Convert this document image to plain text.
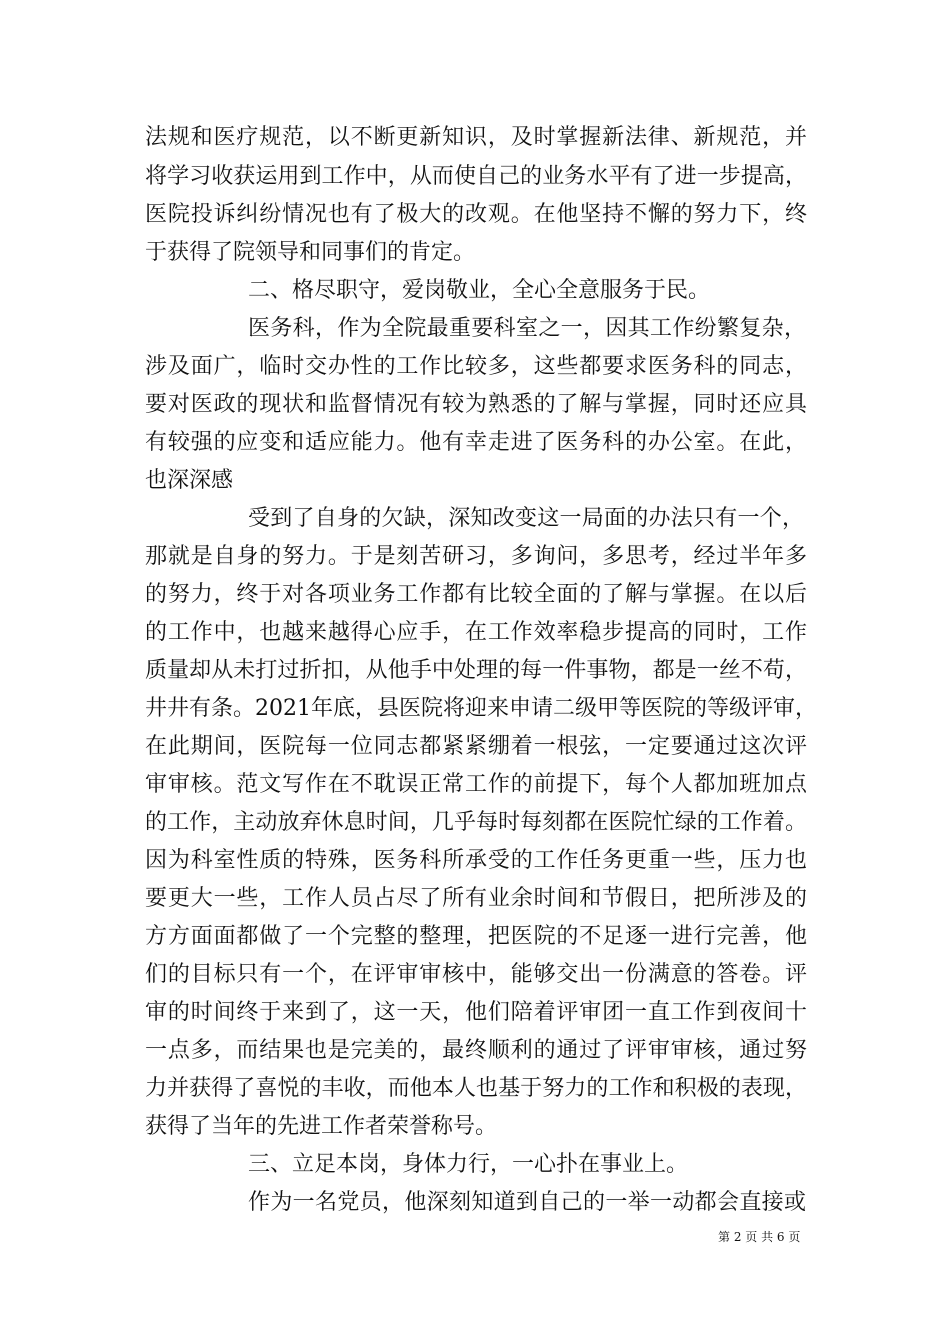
法规和医疗规范，以不断更新知识，及时掌握新法律、新规范，并
将学习收获运用到工作中，从而使自己的业务水平有了进一步提高，
医院投诉纠纷情况也有了极大的改观。在他坚持不懈的努力下，终
于获得了院领导和同事们的肯定。
二、格尽职守，爱岗敬业，全心全意服务于民。
医务科，作为全院最重要科室之一，因其工作纷繁复杂，
涉及面广，临时交办性的工作比较多，这些都要求医务科的同志，
要对医政的现状和监督情况有较为熟悉的了解与掌握，同时还应具
有较强的应变和适应能力。他有幸走进了医务科的办公室。在此，
也深深感
受到了自身的欠缺，深知改变这一局面的办法只有一个，
那就是自身的努力。于是刻苦研习，多询问，多思考，经过半年多
的努力，终于对各项业务工作都有比较全面的了解与掌握。在以后
的工作中，也越来越得心应手，在工作效率稳步提高的同时，工作
质量却从未打过折扣，从他手中处理的每一件事物，都是一丝不苟，
井井有条。2021年底，县医院将迎来申请二级甲等医院的等级评审，
在此期间，医院每一位同志都紧紧绷着一根弦，一定要通过这次评
审审核。范文写作在不耽误正常工作的前提下，每个人都加班加点
的工作，主动放弃休息时间，几乎每时每刻都在医院忙绿的工作着。
因为科室性质的特殊，医务科所承受的工作任务更重一些，压力也
要更大一些，工作人员占尽了所有业余时间和节假日，把所涉及的
方方面面都做了一个完整的整理，把医院的不足逐一进行完善，他
们的目标只有一个，在评审审核中，能够交出一份满意的答卷。评
审的时间终于来到了，这一天，他们陪着评审团一直工作到夜间十
一点多，而结果也是完美的，最终顺利的通过了评审审核，通过努
力并获得了喜悦的丰收，而他本人也基于努力的工作和积极的表现，
获得了当年的先进工作者荣誉称号。
三、立足本岗，身体力行，一心扑在事业上。
作为一名党员，他深刻知道到自己的一举一动都会直接或
第 2 页 共 6 页
